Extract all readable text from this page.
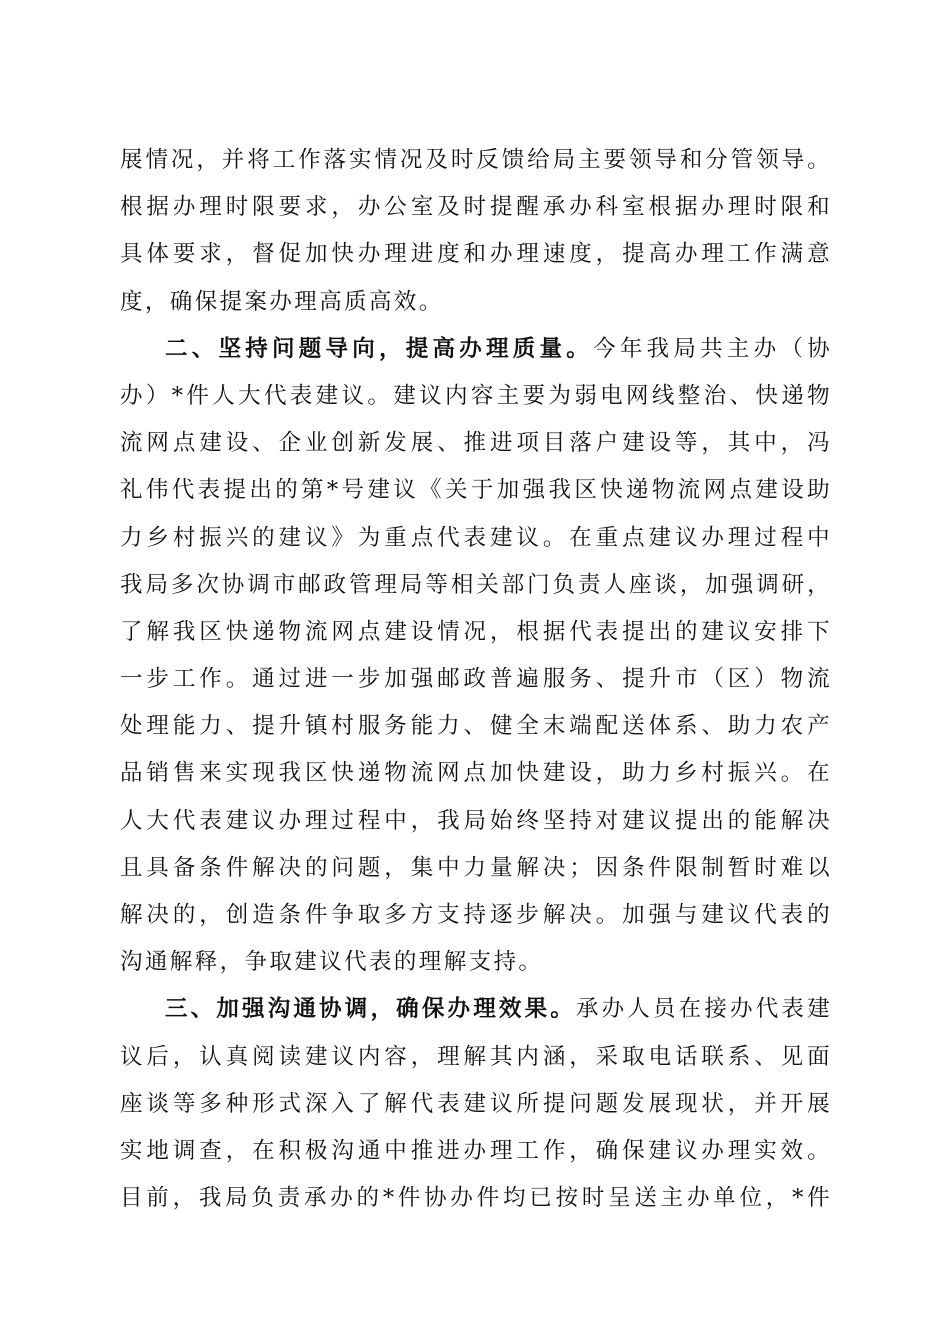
展情况，并将工作落实情况及时反馈给局主要领导和分管领导。
根据办理时限要求，办公室及时提醒承办科室根据办理时限和
具体要求，督促加快办理进度和办理速度，提高办理工作满意
度，确保提案办理高质高效。
二、坚持问题导向，提高办理质量。今年我局共主办（协
办）*件人大代表建议。建议内容主要为弱电网线整治、快递物
流网点建设、企业创新发展、推进项目落户建设等，其中，冯
礼伟代表提出的第*号建议《关于加强我区快递物流网点建设助
力乡村振兴的建议》为重点代表建议。在重点建议办理过程中
我局多次协调市邮政管理局等相关部门负责人座谈，加强调研，
了解我区快递物流网点建设情况，根据代表提出的建议安排下
一步工作。通过进一步加强邮政普遍服务、提升市（区）物流
处理能力、提升镇村服务能力、健全末端配送体系、助力农产
品销售来实现我区快递物流网点加快建设，助力乡村振兴。在
人大代表建议办理过程中，我局始终坚持对建议提出的能解决
且具备条件解决的问题，集中力量解决；因条件限制暂时难以
解决的，创造条件争取多方支持逐步解决。加强与建议代表的
沟通解释，争取建议代表的理解支持。
三、加强沟通协调，确保办理效果。承办人员在接办代表建
议后，认真阅读建议内容，理解其内涵，采取电话联系、见面
座谈等多种形式深入了解代表建议所提问题发展现状，并开展
实地调查，在积极沟通中推进办理工作，确保建议办理实效。
目前，我局负责承办的*件协办件均已按时呈送主办单位，*件
